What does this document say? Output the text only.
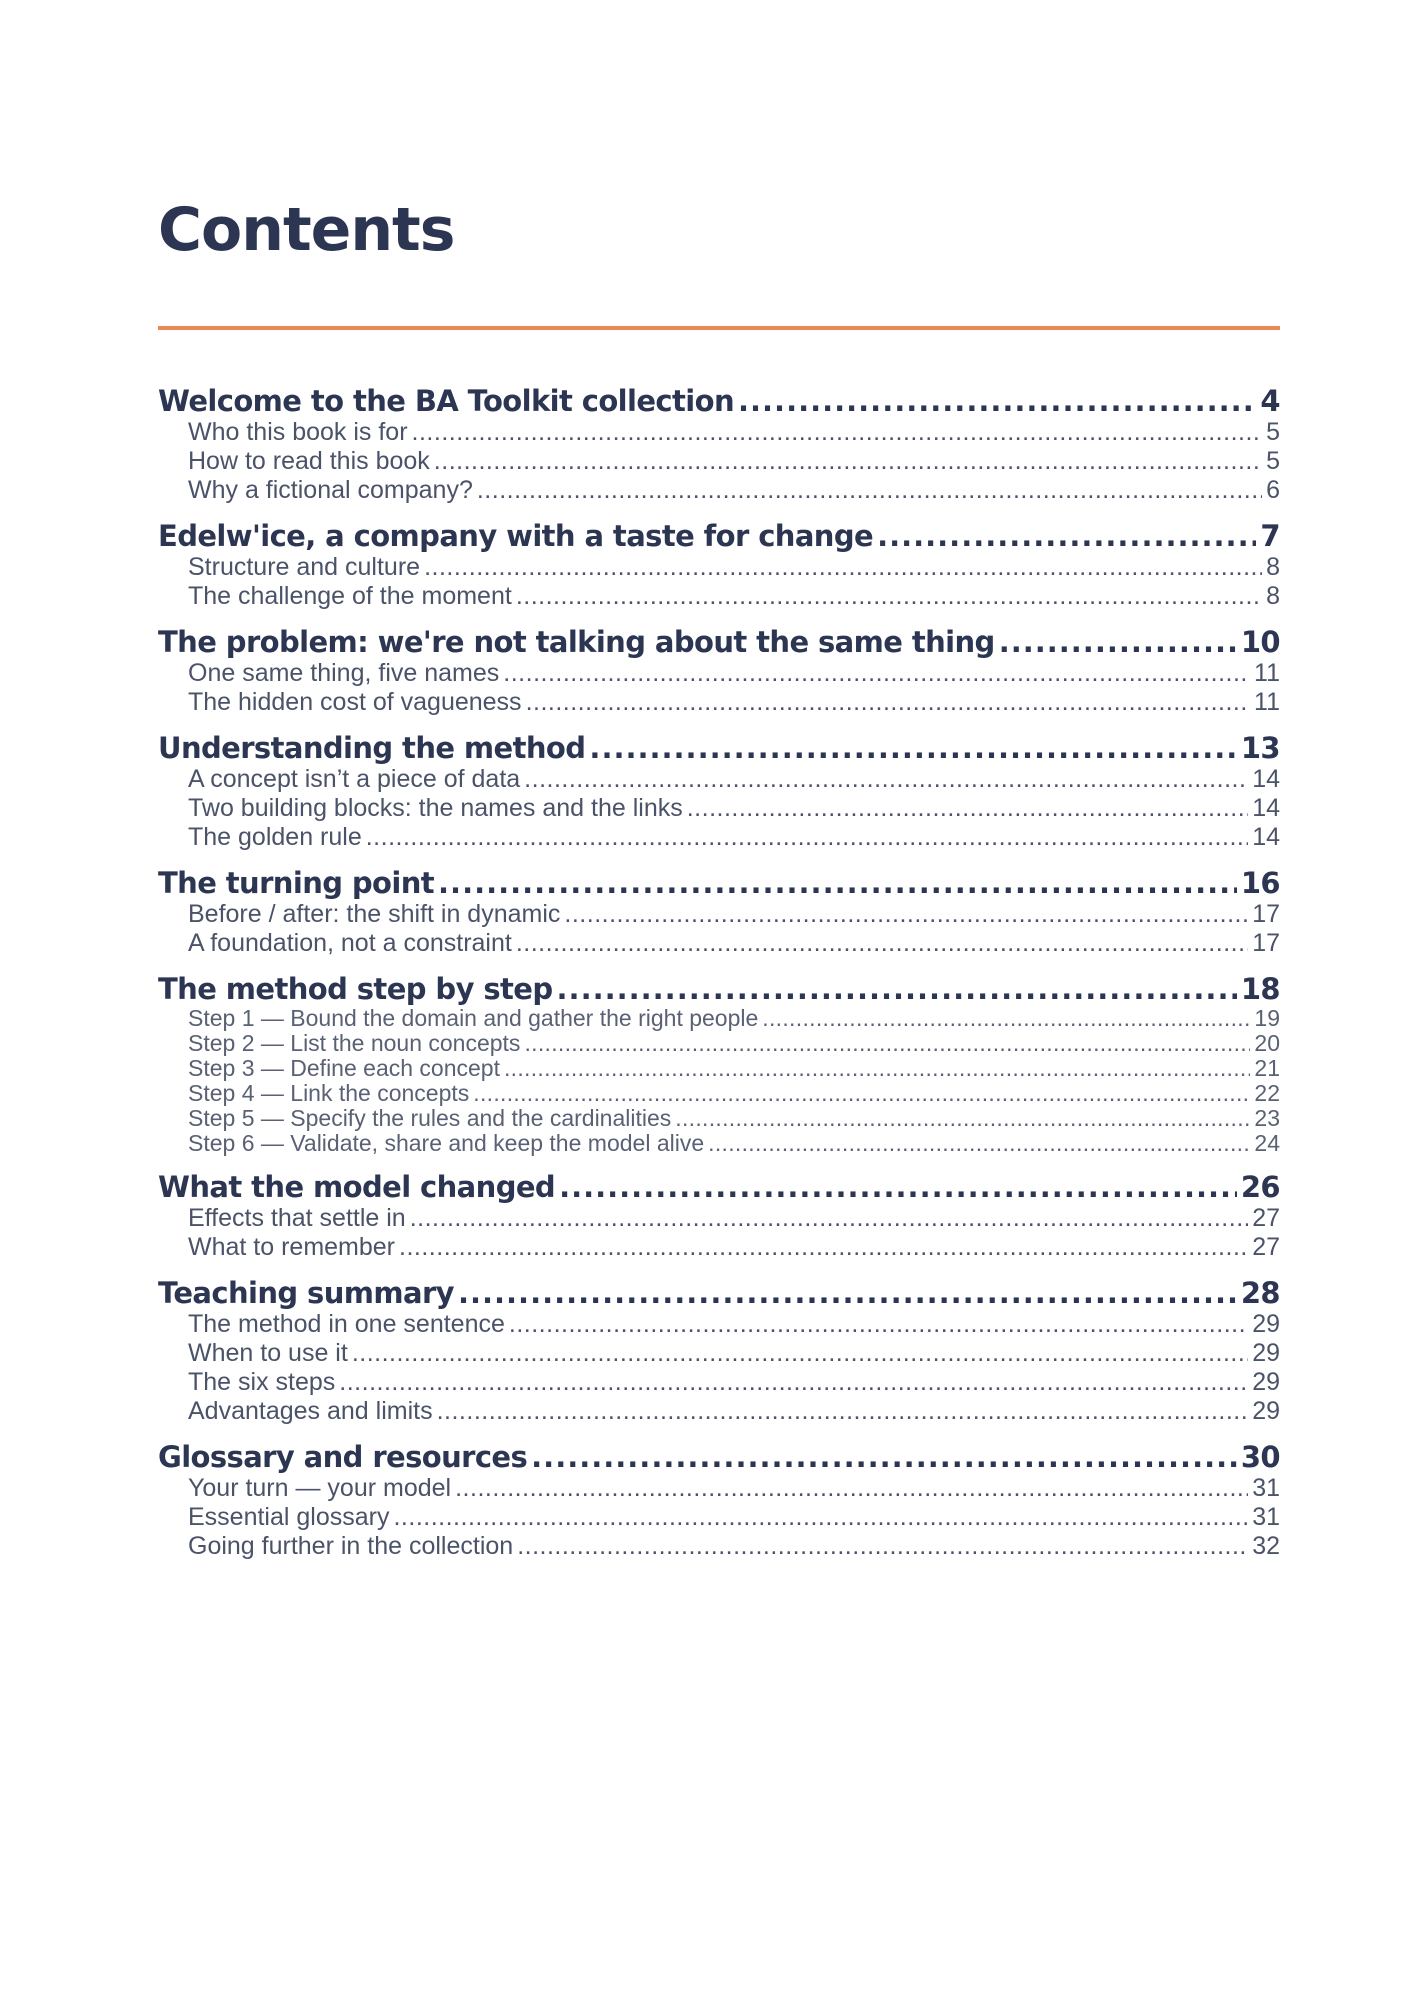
Contents
Welcome to the BA Toolkit collection .....	4
Who this book is for .....	5
How to read this book .....	5
Why a fictional company? .....	6
Edelw'ice, a company with a taste for change .....	7
Structure and culture .....	8
The challenge of the moment .....	8
The problem: we're not talking about the same thing .....	10
One same thing, five names .....	11
The hidden cost of vagueness .....	11
Understanding the method .....	13
A concept isn’t a piece of data .....	14
Two building blocks: the names and the links .....	14
The golden rule .....	14
The turning point .....	16
Before / after: the shift in dynamic .....	17
A foundation, not a constraint .....	17
The method step by step .....	18
Step 1 — Bound the domain and gather the right people .....	19
Step 2 — List the noun concepts .....	20
Step 3 — Define each concept .....	21
Step 4 — Link the concepts .....	22
Step 5 — Specify the rules and the cardinalities .....	23
Step 6 — Validate, share and keep the model alive .....	24
What the model changed .....	26
Effects that settle in .....	27
What to remember .....	27
Teaching summary .....	28
The method in one sentence .....	29
When to use it .....	29
The six steps .....	29
Advantages and limits .....	29
Glossary and resources .....	30
Your turn — your model .....	31
Essential glossary .....	31
Going further in the collection .....	32
